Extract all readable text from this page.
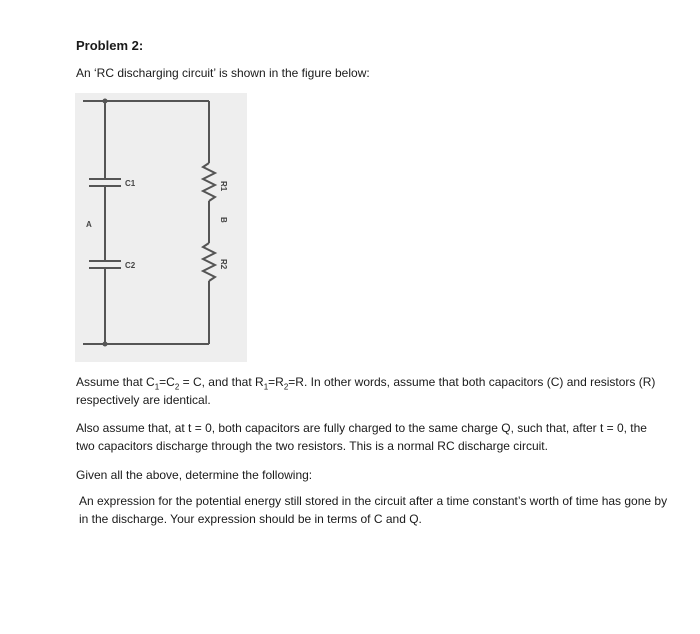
Problem 2:
An ‘RC discharging circuit’ is shown in the figure below:
C1
C2
A
R1
B
R2
Assume that $C_1=C_2 = C$, and that $R_1=R_2=R$. In other words, assume that both capacitors (C) and resistors (R) respectively are identical.
Also assume that, at t = 0, both capacitors are fully charged to the same charge Q, such that, after t = 0, the two capacitors discharge through the two resistors. This is a normal RC discharge circuit.
Given all the above, determine the following:
An expression for the potential energy still stored in the circuit after a time constant’s worth of time has gone by in the discharge. Your expression should be in terms of C and Q.
